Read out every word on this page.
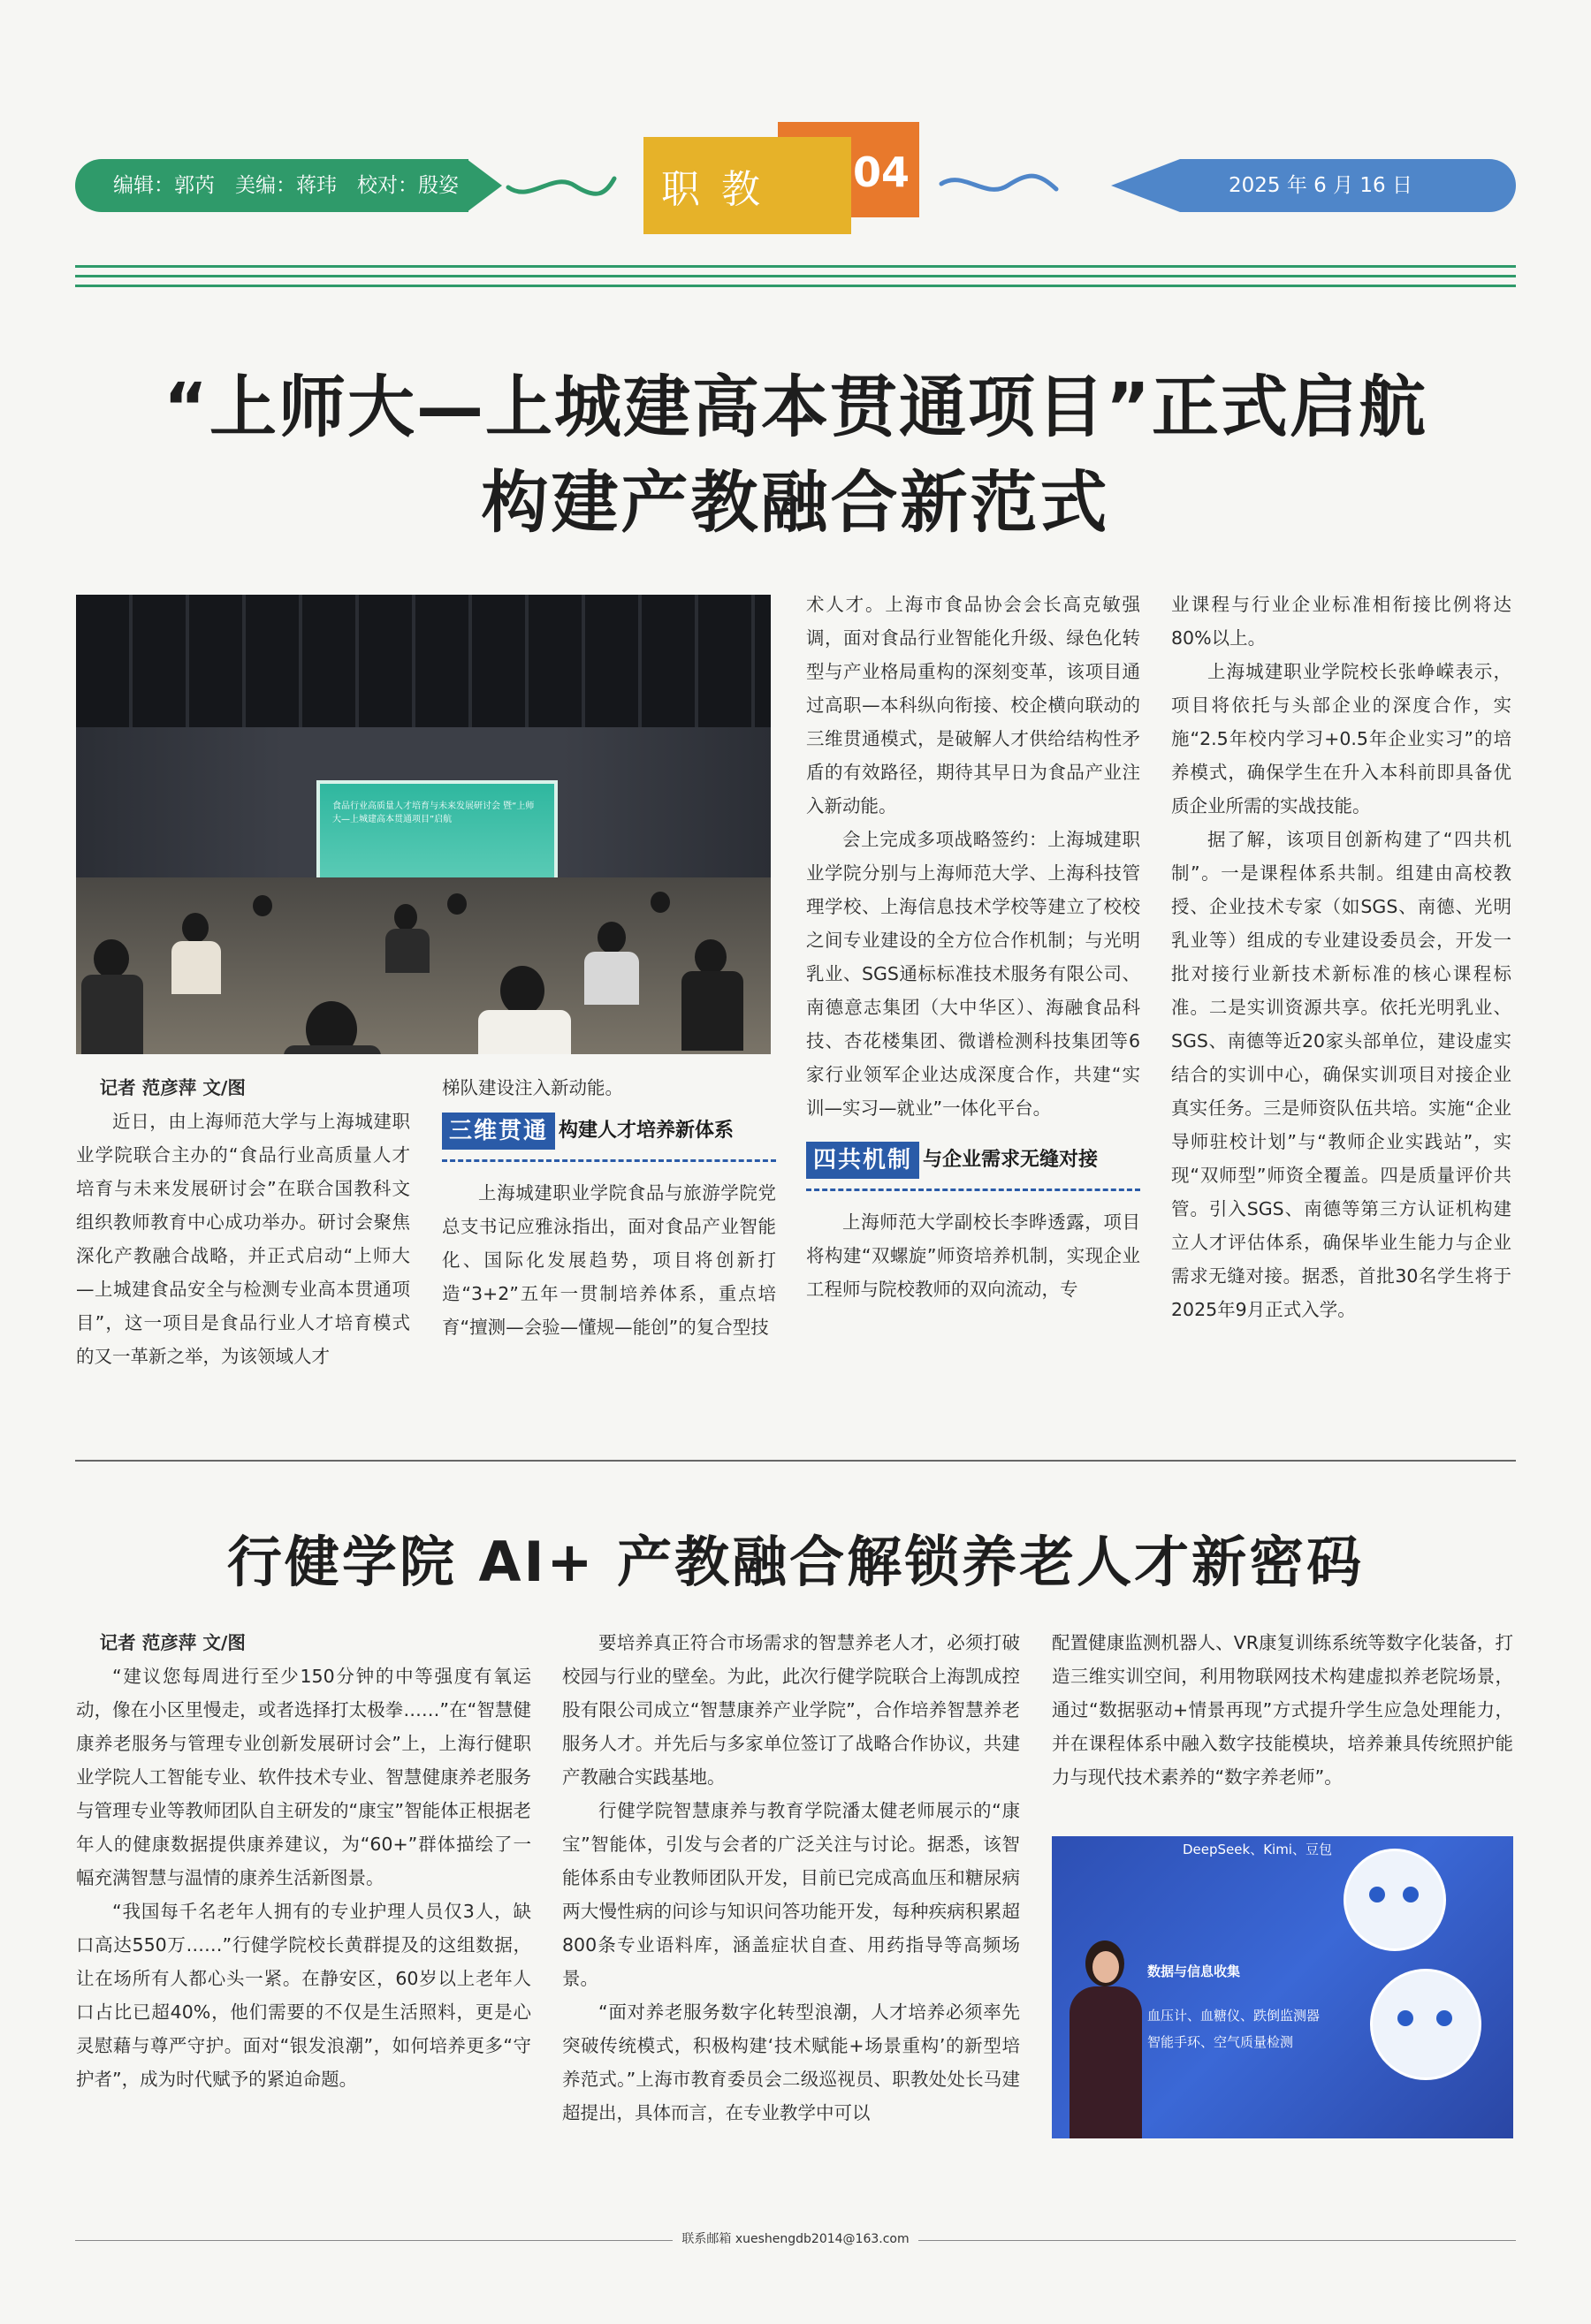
编辑：郭芮　美编：蒋玮　校对：殷姿	职教 04	2025 年 6 月 16 日
“上师大—上城建高本贯通项目”正式启航
构建产教融合新范式
食品行业高质量人才培育与未来发展研讨会 暨“上师大—上城建高本贯通项目”启航

记者 范彦萍 文/图

近日，由上海师范大学与上海城建职业学院联合主办的“食品行业高质量人才培育与未来发展研讨会”在联合国教科文组织教师教育中心成功举办。研讨会聚焦深化产教融合战略，并正式启动“上师大—上城建食品安全与检测专业高本贯通项目”，这一项目是食品行业人才培育模式的又一革新之举，为该领域人才

梯队建设注入新动能。

三维贯通 构建人才培养新体系

上海城建职业学院食品与旅游学院党总支书记应雅泳指出，面对食品产业智能化、国际化发展趋势，项目将创新打造“3+2”五年一贯制培养体系，重点培育“擅测—会验—懂规—能创”的复合型技

术人才。上海市食品协会会长高克敏强调，面对食品行业智能化升级、绿色化转型与产业格局重构的深刻变革，该项目通过高职—本科纵向衔接、校企横向联动的三维贯通模式，是破解人才供给结构性矛盾的有效路径，期待其早日为食品产业注入新动能。

会上完成多项战略签约：上海城建职业学院分别与上海师范大学、上海科技管理学校、上海信息技术学校等建立了校校之间专业建设的全方位合作机制；与光明乳业、SGS通标标准技术服务有限公司、南德意志集团（大中华区）、海融食品科技、杏花楼集团、微谱检测科技集团等6家行业领军企业达成深度合作，共建“实训—实习—就业”一体化平台。

四共机制 与企业需求无缝对接

上海师范大学副校长李晔透露，项目将构建“双螺旋”师资培养机制，实现企业工程师与院校教师的双向流动，专

业课程与行业企业标准相衔接比例将达80%以上。

上海城建职业学院校长张峥嵘表示，项目将依托与头部企业的深度合作，实施“2.5年校内学习+0.5年企业实习”的培养模式，确保学生在升入本科前即具备优质企业所需的实战技能。

据了解，该项目创新构建了“四共机制”。一是课程体系共制。组建由高校教授、企业技术专家（如SGS、南德、光明乳业等）组成的专业建设委员会，开发一批对接行业新技术新标准的核心课程标准。二是实训资源共享。依托光明乳业、SGS、南德等近20家头部单位，建设虚实结合的实训中心，确保实训项目对接企业真实任务。三是师资队伍共培。实施“企业导师驻校计划”与“教师企业实践站”，实现“双师型”师资全覆盖。四是质量评价共管。引入SGS、南德等第三方认证机构建立人才评估体系，确保毕业生能力与企业需求无缝对接。据悉，首批30名学生将于2025年9月正式入学。

行健学院 AI+ 产教融合解锁养老人才新密码

记者 范彦萍 文/图

“建议您每周进行至少150分钟的中等强度有氧运动，像在小区里慢走，或者选择打太极拳……”在“智慧健康养老服务与管理专业创新发展研讨会”上，上海行健职业学院人工智能专业、软件技术专业、智慧健康养老服务与管理专业等教师团队自主研发的“康宝”智能体正根据老年人的健康数据提供康养建议，为“60+”群体描绘了一幅充满智慧与温情的康养生活新图景。

“我国每千名老年人拥有的专业护理人员仅3人，缺口高达550万……”行健学院校长黄群提及的这组数据，让在场所有人都心头一紧。在静安区，60岁以上老年人口占比已超40%，他们需要的不仅是生活照料，更是心灵慰藉与尊严守护。面对“银发浪潮”，如何培养更多“守护者”，成为时代赋予的紧迫命题。

要培养真正符合市场需求的智慧养老人才，必须打破校园与行业的壁垒。为此，此次行健学院联合上海凯成控股有限公司成立“智慧康养产业学院”，合作培养智慧养老服务人才。并先后与多家单位签订了战略合作协议，共建产教融合实践基地。

行健学院智慧康养与教育学院潘太健老师展示的“康宝”智能体，引发与会者的广泛关注与讨论。据悉，该智能体系由专业教师团队开发，目前已完成高血压和糖尿病两大慢性病的问诊与知识问答功能开发，每种疾病积累超800条专业语料库，涵盖症状自查、用药指导等高频场景。

“面对养老服务数字化转型浪潮，人才培养必须率先突破传统模式，积极构建‘技术赋能+场景重构’的新型培养范式。”上海市教育委员会二级巡视员、职教处处长马建超提出，具体而言，在专业教学中可以

配置健康监测机器人、VR康复训练系统等数字化装备，打造三维实训空间，利用物联网技术构建虚拟养老院场景，通过“数据驱动+情景再现”方式提升学生应急处理能力，并在课程体系中融入数字技能模块，培养兼具传统照护能力与现代技术素养的“数字养老师”。

DeepSeek、Kimi、豆包
数据与信息收集
血压计、血糖仪、跌倒监测器
智能手环、空气质量检测
联系邮箱 xueshengdb2014@163.com
